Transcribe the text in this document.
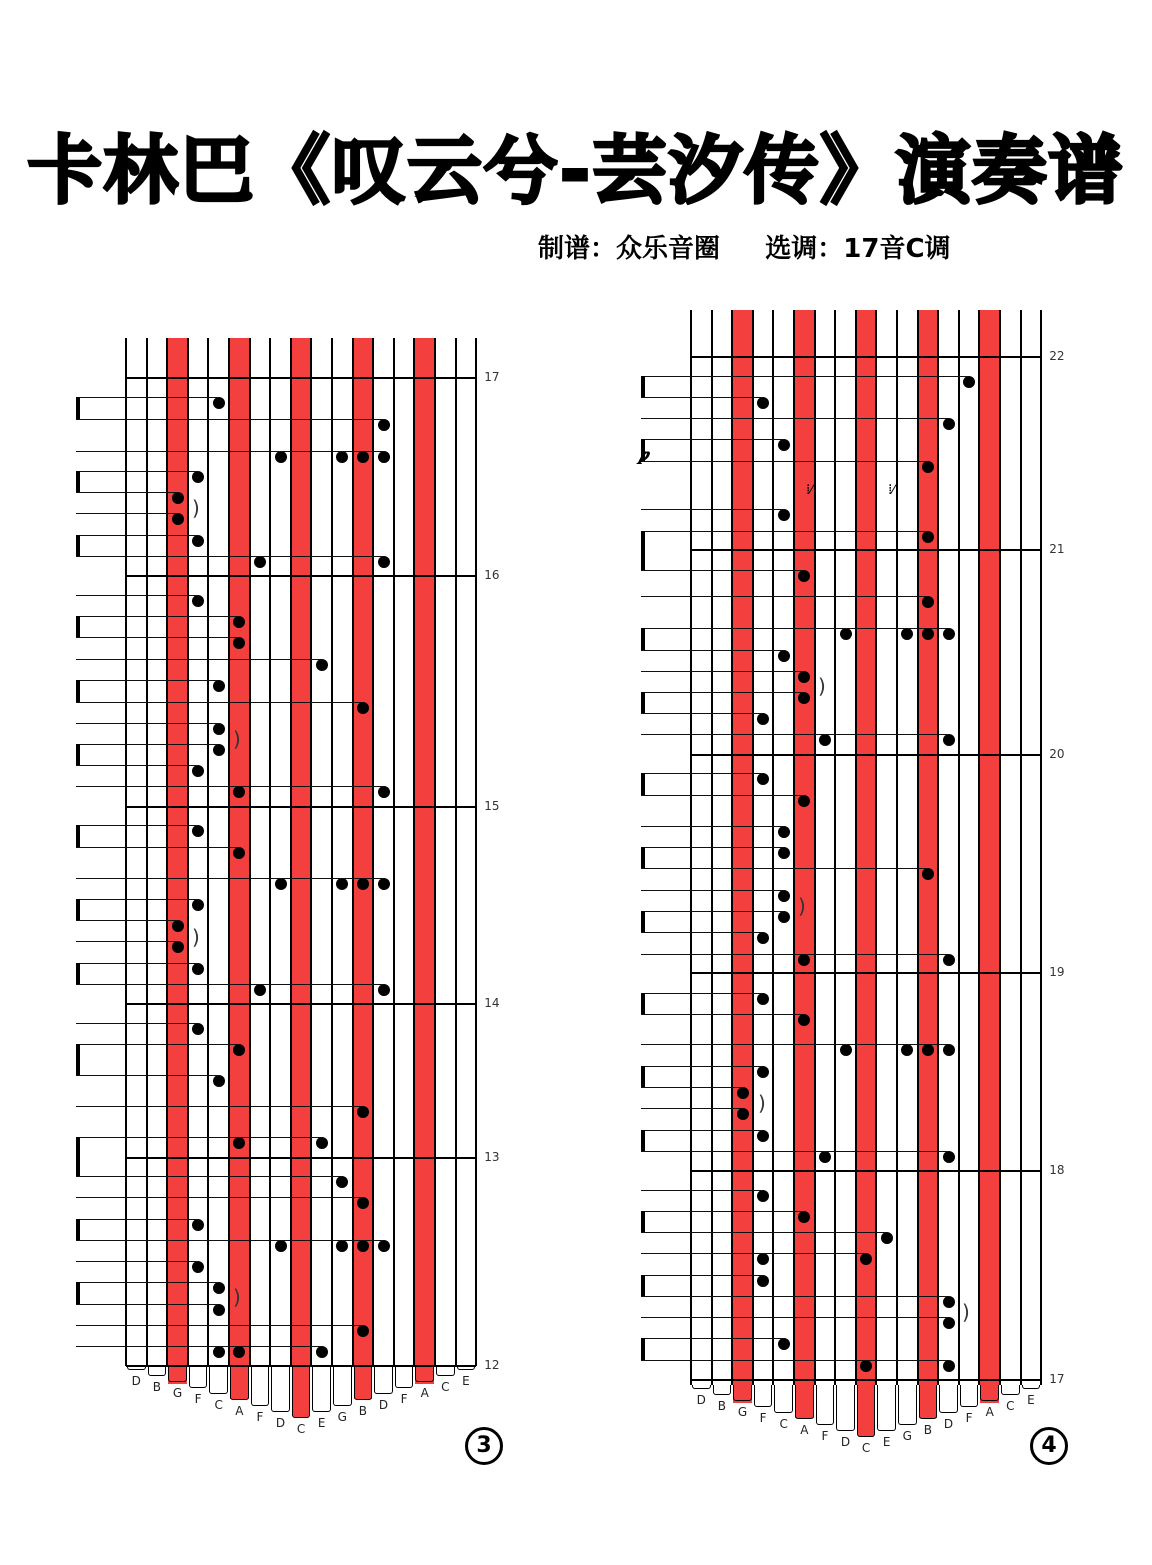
卡林巴《叹云兮-芸汐传》演奏谱
制谱：众乐音圈     选调：17音C调
D B G	F	C	A	F	D C	E	G B D	F	A	C	E
17
16
15
14
13
12
)
)
)
)
3
D B G	F	C	A	F	D C	E	G B D	F	A	C	E
22
21
20
19
18
17
)
)
)
)
⁞⁄	⁞⁄
𝆏
4
